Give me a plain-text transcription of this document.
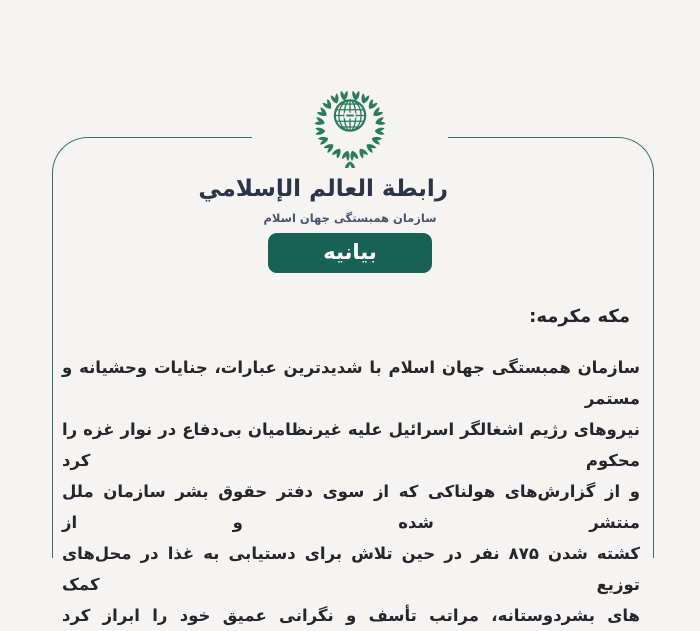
رابطة العالم الإسلامي
سازمان همبستگی جهان اسلام
بیانیه
مکه مکرمه:
سازمان همبستگی جهان اسلام با شدیدترین عبارات، جنایات وحشیانه و مستمر
نیروهای رژیم اشغالگر اسرائیل علیه غیرنظامیان بی‌دفاع در نوار غزه را محکوم کرد
و از گزارش‌های هولناکی که از سوی دفتر حقوق بشر سازمان ملل منتشر شده و از
کشته شدن ۸۷۵ نفر در حین تلاش برای دستیابی به غذا در محل‌های توزیع کمک
های بشردوستانه، مراتب تأسف و نگرانی عمیق خود را ابراز کرد
